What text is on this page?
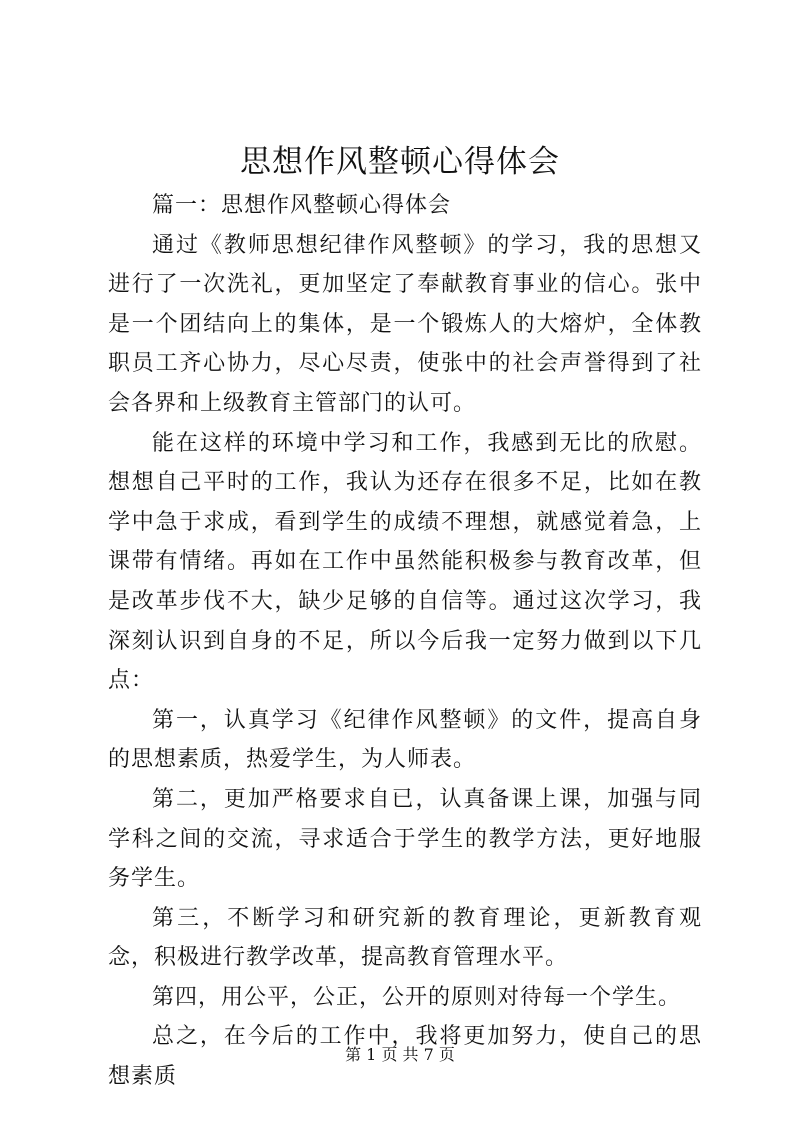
思想作风整顿心得体会

篇一：思想作风整顿心得体会

通过《教师思想纪律作风整顿》的学习，我的思想又进行了一次洗礼，更加坚定了奉献教育事业的信心。张中是一个团结向上的集体，是一个锻炼人的大熔炉，全体教职员工齐心协力，尽心尽责，使张中的社会声誉得到了社会各界和上级教育主管部门的认可。

能在这样的环境中学习和工作，我感到无比的欣慰。想想自己平时的工作，我认为还存在很多不足，比如在教学中急于求成，看到学生的成绩不理想，就感觉着急，上课带有情绪。再如在工作中虽然能积极参与教育改革，但是改革步伐不大，缺少足够的自信等。通过这次学习，我深刻认识到自身的不足，所以今后我一定努力做到以下几点：

第一，认真学习《纪律作风整顿》的文件，提高自身的思想素质，热爱学生，为人师表。

第二，更加严格要求自已，认真备课上课，加强与同学科之间的交流，寻求适合于学生的教学方法，更好地服务学生。

第三，不断学习和研究新的教育理论，更新教育观念，积极进行教学改革，提高教育管理水平。

第四，用公平，公正，公开的原则对待每一个学生。

总之，在今后的工作中，我将更加努力，使自己的思想素质

第 1 页 共 7 页
